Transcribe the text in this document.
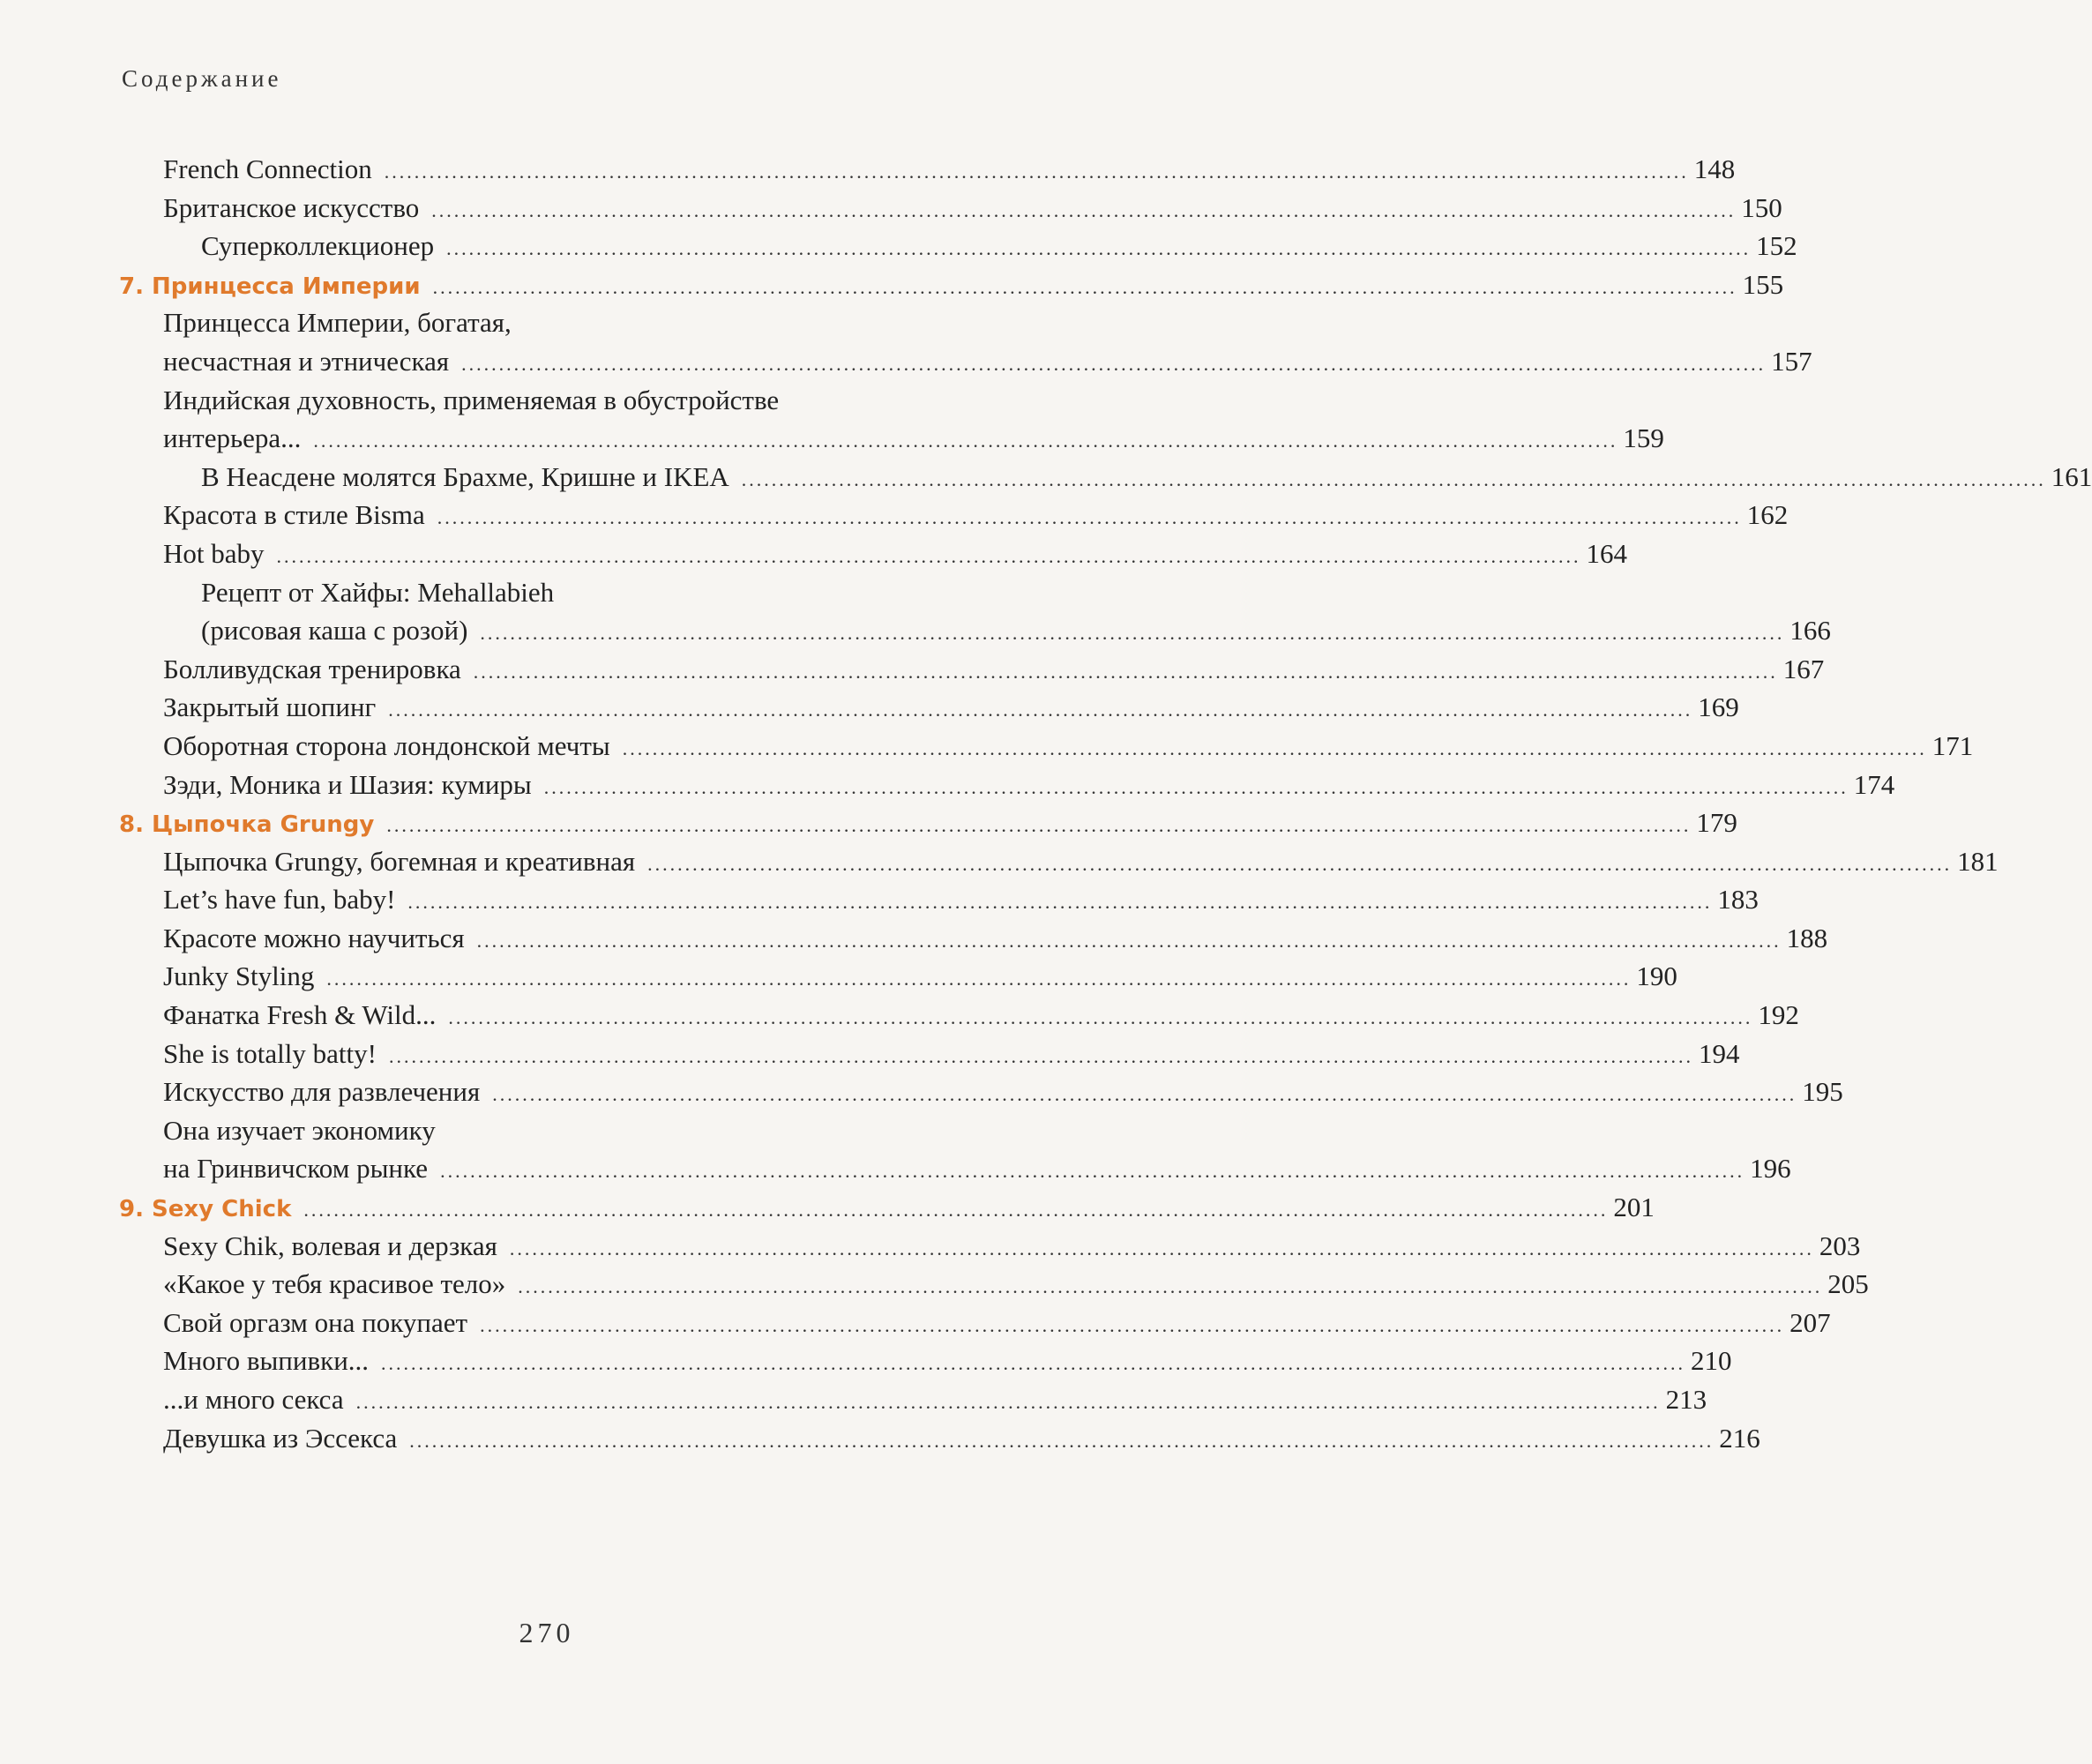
Содержание
French Connection .....	148
Британское искусство .....	150
Суперколлекционер .....	152
7. Принцесса Империи .....	155
Принцесса Империи, богатая,
несчастная и этническая .....	157
Индийская духовность, применяемая в обустройстве
интерьера... .....	159
В Неасдене молятся Брахме, Кришне и IKEA .....	161
Красота в стиле Bisma .....	162
Hot baby .....	164
Рецепт от Хайфы: Mehallabieh
(рисовая каша с розой) .....	166
Болливудская тренировка .....	167
Закрытый шопинг .....	169
Оборотная сторона лондонской мечты .....	171
Зэди, Моника и Шазия: кумиры .....	174
8. Цыпочка Grungy .....	179
Цыпочка Grungy, богемная и креативная .....	181
Let’s have fun, baby! .....	183
Красоте можно научиться .....	188
Junky Styling .....	190
Фанатка Fresh & Wild... .....	192
She is totally batty! .....	194
Искусство для развлечения .....	195
Она изучает экономику
на Гринвичском рынке .....	196
9. Sexy Chick .....	201
Sexy Chik, волевая и дерзкая .....	203
«Какое у тебя красивое тело» .....	205
Свой оргазм она покупает .....	207
Много выпивки... .....	210
...и много секса .....	213
Девушка из Эссекса .....	216
270
